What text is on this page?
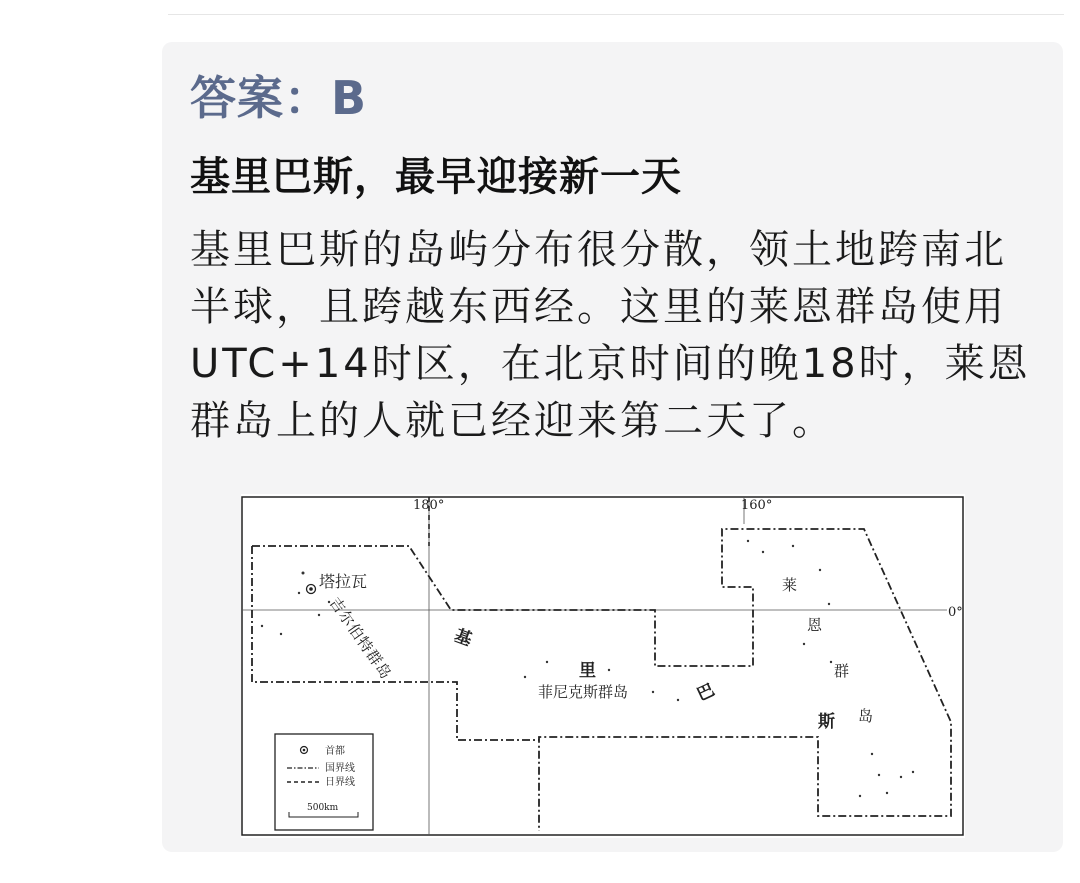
答案：B
基里巴斯，最早迎接新一天
基里巴斯的岛屿分布很分散，领土地跨南北半球，且跨越东西经。这里的莱恩群岛使用UTC+14时区，在北京时间的晚18时，莱恩群岛上的人就已经迎来第二天了。
180°	160°
0°
塔拉瓦
吉
尔
伯
特
群
岛
菲尼克斯群岛
基
里
巴
斯
莱
恩
群
岛
首都
国界线
日界线
500km
